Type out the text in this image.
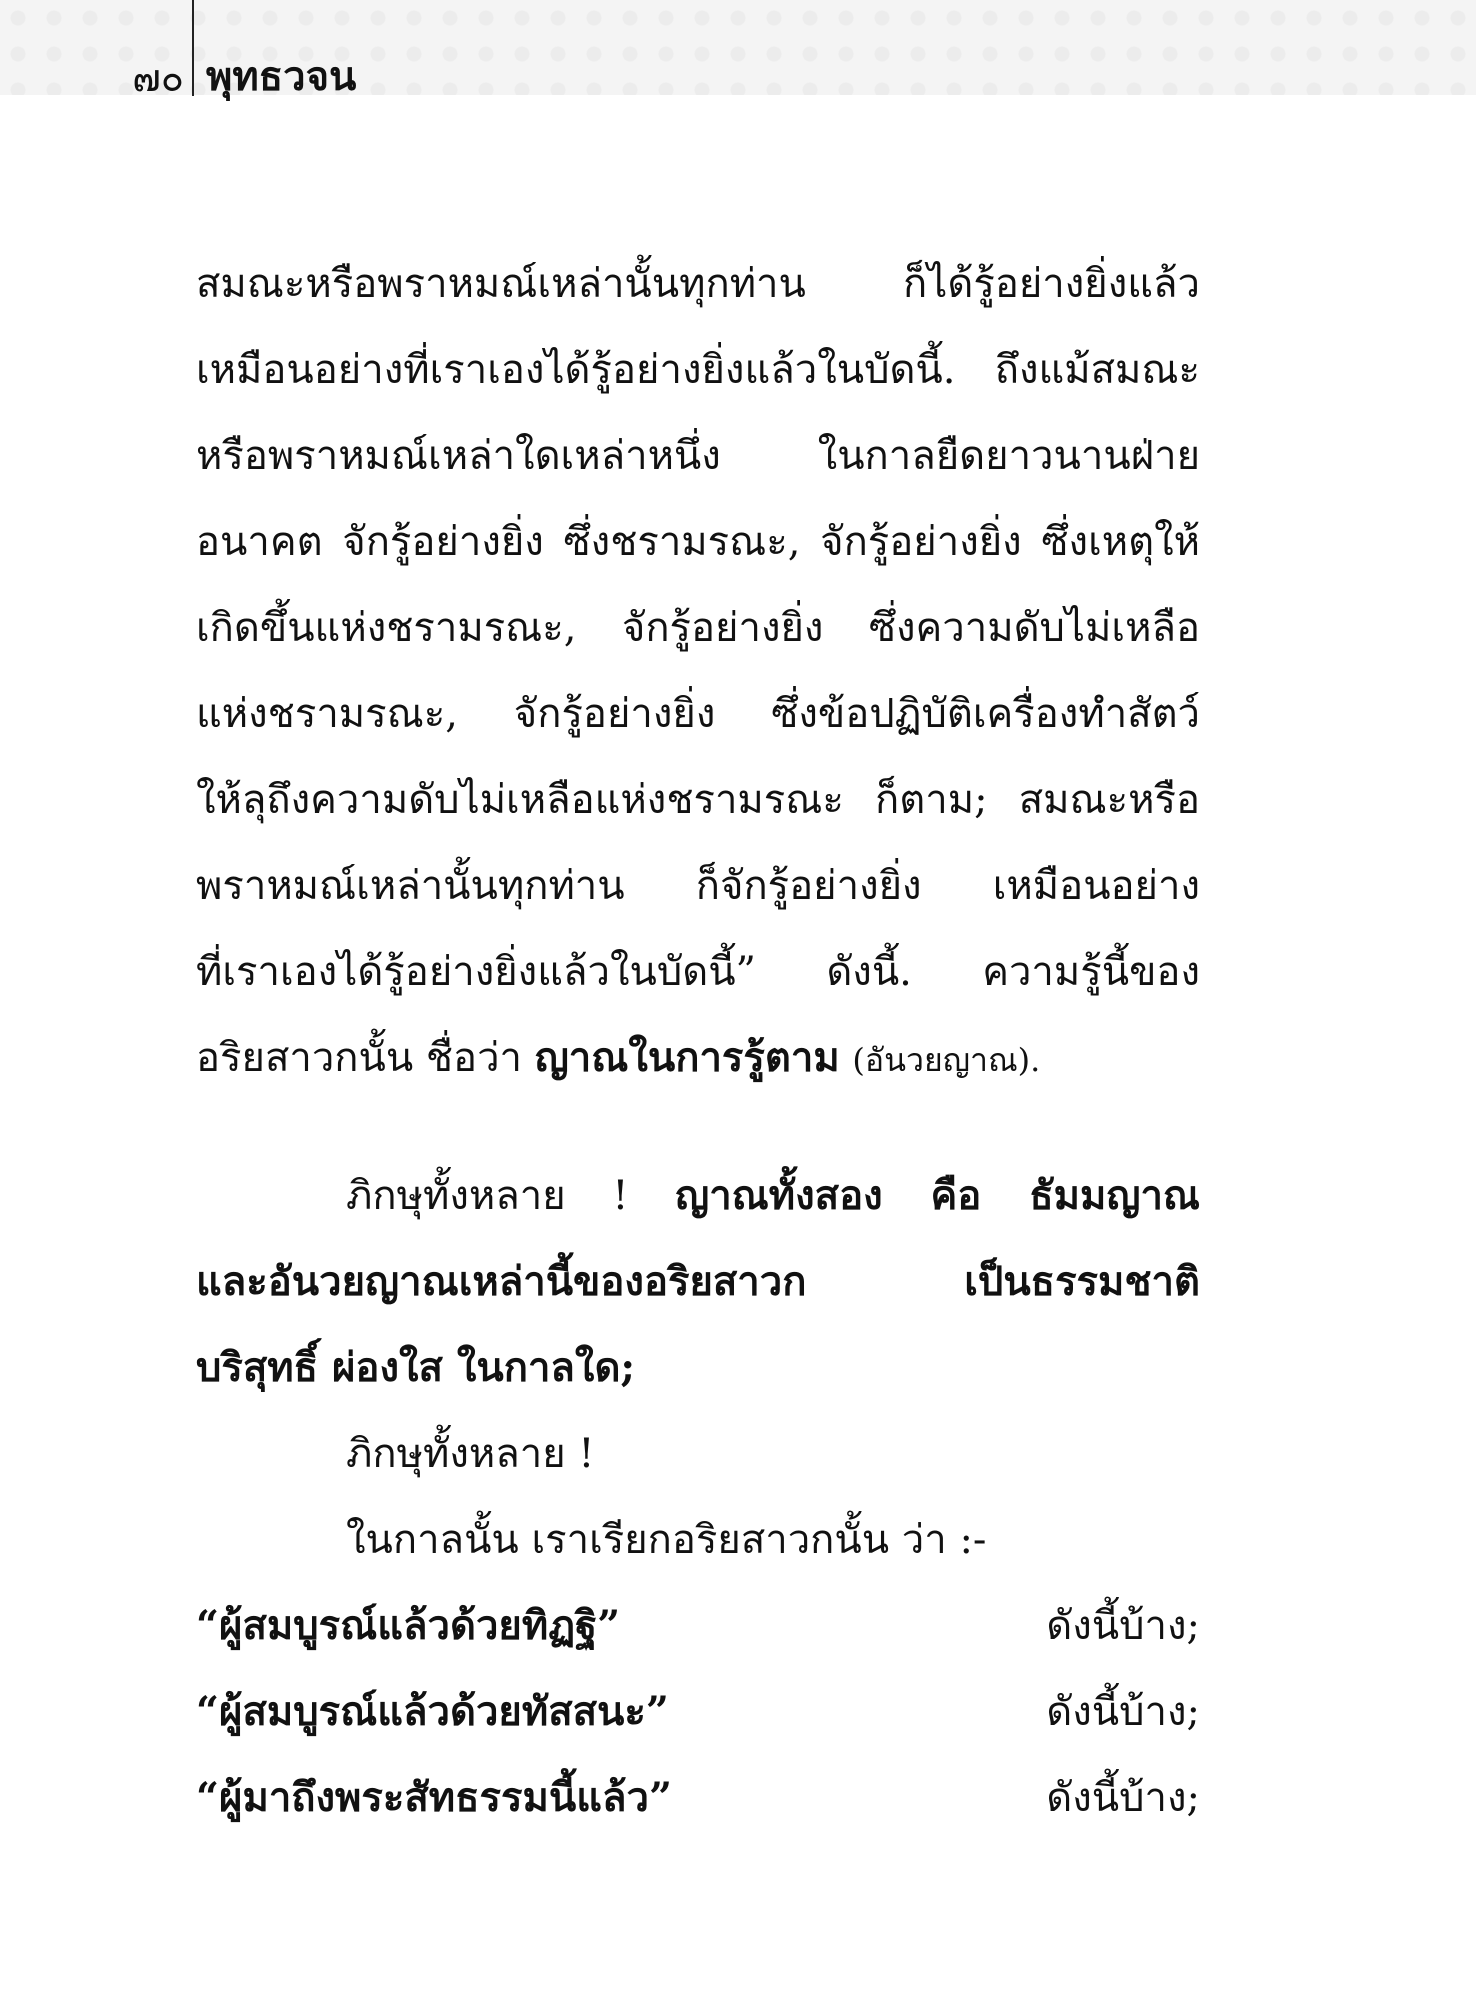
๗๐ พุทธวจน

สมณะหรือพราหมณ์เหล่านั้นทุกท่าน ก็ได้รู้อย่างยิ่งแล้ว
เหมือนอย่างที่เราเองได้รู้อย่างยิ่งแล้วในบัดนี้. ถึงแม้สมณะ
หรือพราหมณ์เหล่าใดเหล่าหนึ่ง ในกาลยืดยาวนานฝ่าย
อนาคต จักรู้อย่างยิ่ง ซึ่งชรามรณะ, จักรู้อย่างยิ่ง ซึ่งเหตุให้
เกิดขึ้นแห่งชรามรณะ, จักรู้อย่างยิ่ง ซึ่งความดับไม่เหลือ
แห่งชรามรณะ, จักรู้อย่างยิ่ง ซึ่งข้อปฏิบัติเครื่องทำสัตว์
ให้ลุถึงความดับไม่เหลือแห่งชรามรณะ ก็ตาม; สมณะหรือ
พราหมณ์เหล่านั้นทุกท่าน ก็จักรู้อย่างยิ่ง เหมือนอย่าง
ที่เราเองได้รู้อย่างยิ่งแล้วในบัดนี้” ดังนี้. ความรู้นี้ของ
อริยสาวกนั้น ชื่อว่า ญาณในการรู้ตาม (อันวยญาณ).

ภิกษุทั้งหลาย ! ญาณทั้งสอง คือ ธัมมญาณ
และอันวยญาณเหล่านี้ของอริยสาวก เป็นธรรมชาติ
บริสุทธิ์ ผ่องใส ในกาลใด;
ภิกษุทั้งหลาย !
ในกาลนั้น เราเรียกอริยสาวกนั้น ว่า :-

“ผู้สมบูรณ์แล้วด้วยทิฏฐิ”	ดังนี้บ้าง;
“ผู้สมบูรณ์แล้วด้วยทัสสนะ”	ดังนี้บ้าง;
“ผู้มาถึงพระสัทธรรมนี้แล้ว”	ดังนี้บ้าง;
